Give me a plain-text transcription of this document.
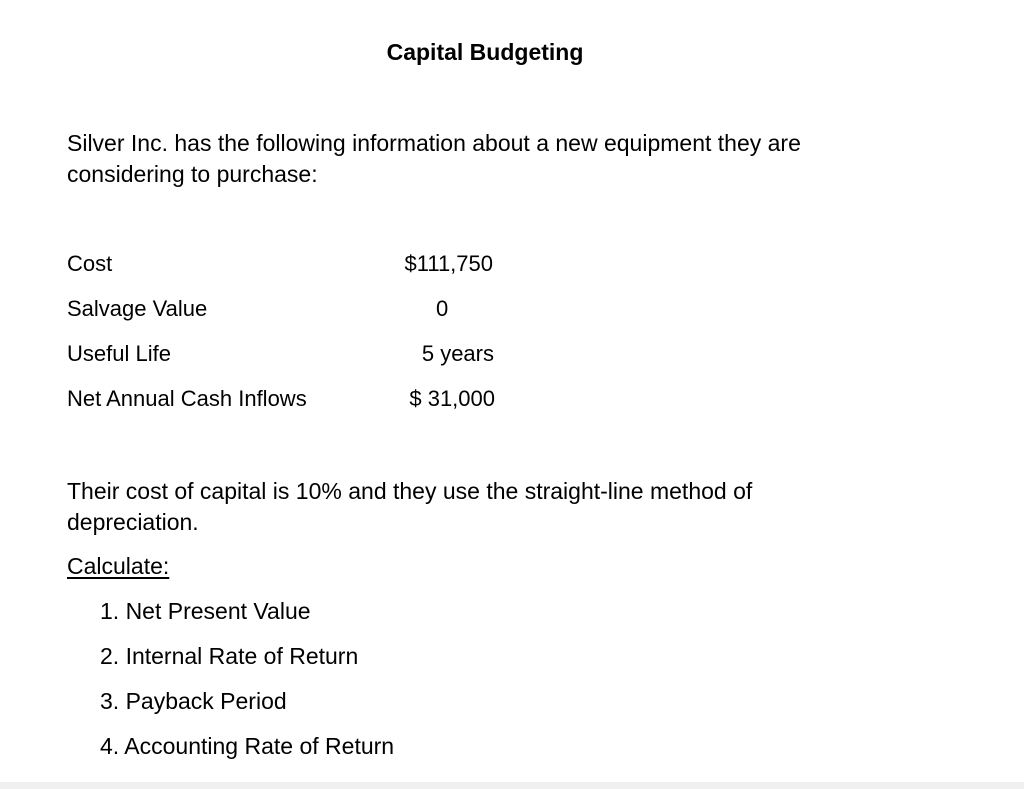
Capital Budgeting
Silver Inc. has the following information about a new equipment they are considering to purchase:
Cost	$111,750
Salvage Value	0
Useful Life	5 years
Net Annual Cash Inflows	$ 31,000
Their cost of capital is 10% and they use the straight-line method of depreciation.
Calculate:
1. Net Present Value
2. Internal Rate of Return
3. Payback Period
4. Accounting Rate of Return
